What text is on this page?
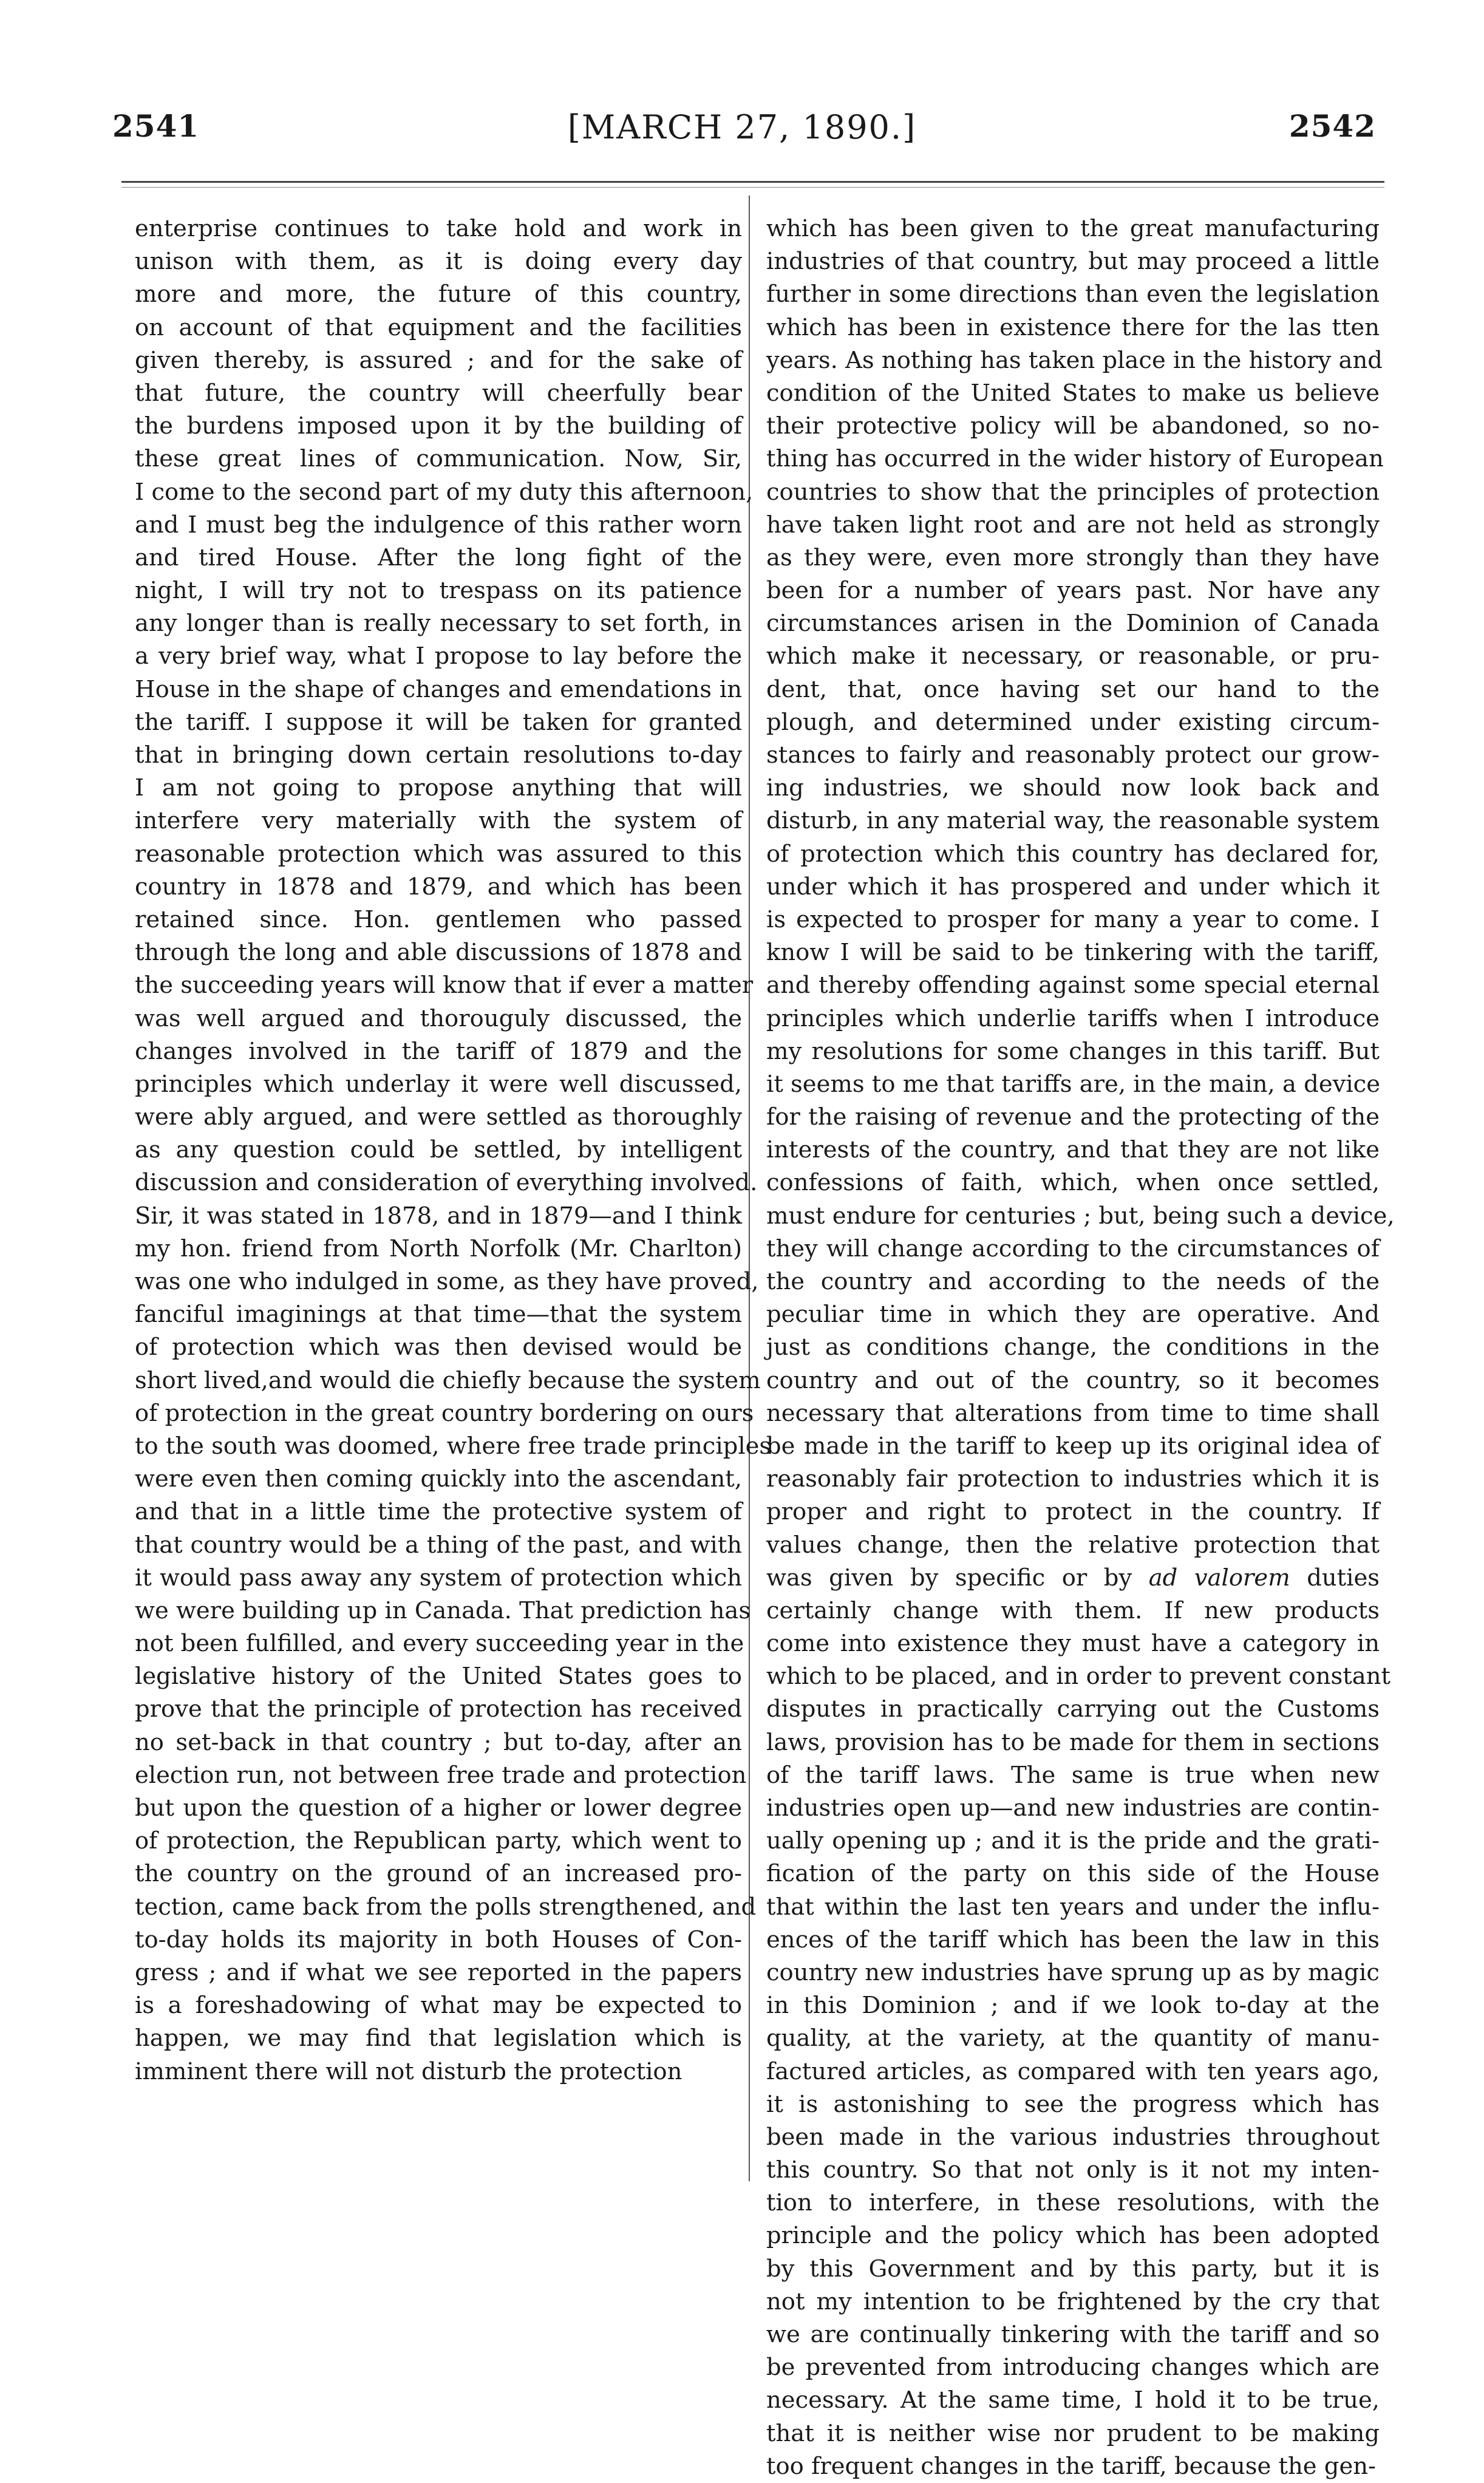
2541	[MARCH 27, 1890.]	2542
enterprise continues to take hold and work in
unison with them, as it is doing every day
more and more, the future of this country,
on account of that equipment and the facilities
given thereby, is assured ; and for the sake of
that future, the country will cheerfully bear
the burdens imposed upon it by the building of
these great lines of communication. Now, Sir,
I come to the second part of my duty this afternoon,
and I must beg the indulgence of this rather worn
and tired House. After the long fight of the
night, I will try not to trespass on its patience
any longer than is really necessary to set forth, in
a very brief way, what I propose to lay before the
House in the shape of changes and emendations in
the tariff. I suppose it will be taken for granted
that in bringing down certain resolutions to-day
I am not going to propose anything that will
interfere very materially with the system of
reasonable protection which was assured to this
country in 1878 and 1879, and which has been
retained since. Hon. gentlemen who passed
through the long and able discussions of 1878 and
the succeeding years will know that if ever a matter
was well argued and thorouguly discussed, the
changes involved in the tariff of 1879 and the
principles which underlay it were well discussed,
were ably argued, and were settled as thoroughly
as any question could be settled, by intelligent
discussion and consideration of everything involved.
Sir, it was stated in 1878, and in 1879—and I think
my hon. friend from North Norfolk (Mr. Charlton)
was one who indulged in some, as they have proved,
fanciful imaginings at that time—that the system
of protection which was then devised would be
short lived,and would die chiefly because the system
of protection in the great country bordering on ours
to the south was doomed, where free trade principles
were even then coming quickly into the ascendant,
and that in a little time the protective system of
that country would be a thing of the past, and with
it would pass away any system of protection which
we were building up in Canada. That prediction has
not been fulfilled, and every succeeding year in the
legislative history of the United States goes to
prove that the principle of protection has received
no set-back in that country ; but to-day, after an
election run, not between free trade and protection
but upon the question of a higher or lower degree
of protection, the Republican party, which went to
the country on the ground of an increased pro-
tection, came back from the polls strengthened, and
to-day holds its majority in both Houses of Con-
gress ; and if what we see reported in the papers
is a foreshadowing of what may be expected to
happen, we may find that legislation which is
imminent there will not disturb the protection
which has been given to the great manufacturing
industries of that country, but may proceed a little
further in some directions than even the legislation
which has been in existence there for the las tten
years. As nothing has taken place in the history and
condition of the United States to make us believe
their protective policy will be abandoned, so no-
thing has occurred in the wider history of European
countries to show that the principles of protection
have taken light root and are not held as strongly
as they were, even more strongly than they have
been for a number of years past. Nor have any
circumstances arisen in the Dominion of Canada
which make it necessary, or reasonable, or pru-
dent, that, once having set our hand to the
plough, and determined under existing circum-
stances to fairly and reasonably protect our grow-
ing industries, we should now look back and
disturb, in any material way, the reasonable system
of protection which this country has declared for,
under which it has prospered and under which it
is expected to prosper for many a year to come. I
know I will be said to be tinkering with the tariff,
and thereby offending against some special eternal
principles which underlie tariffs when I introduce
my resolutions for some changes in this tariff. But
it seems to me that tariffs are, in the main, a device
for the raising of revenue and the protecting of the
interests of the country, and that they are not like
confessions of faith, which, when once settled,
must endure for centuries ; but, being such a device,
they will change according to the circumstances of
the country and according to the needs of the
peculiar time in which they are operative. And
just as conditions change, the conditions in the
country and out of the country, so it becomes
necessary that alterations from time to time shall
be made in the tariff to keep up its original idea of
reasonably fair protection to industries which it is
proper and right to protect in the country. If
values change, then the relative protection that
was given by specific or by ad valorem duties
certainly change with them. If new products
come into existence they must have a category in
which to be placed, and in order to prevent constant
disputes in practically carrying out the Customs
laws, provision has to be made for them in sections
of the tariff laws. The same is true when new
industries open up—and new industries are contin-
ually opening up ; and it is the pride and the grati-
fication of the party on this side of the House
that within the last ten years and under the influ-
ences of the tariff which has been the law in this
country new industries have sprung up as by magic
in this Dominion ; and if we look to-day at the
quality, at the variety, at the quantity of manu-
factured articles, as compared with ten years ago,
it is astonishing to see the progress which has
been made in the various industries throughout
this country. So that not only is it not my inten-
tion to interfere, in these resolutions, with the
principle and the policy which has been adopted
by this Government and by this party, but it is
not my intention to be frightened by the cry that
we are continually tinkering with the tariff and so
be prevented from introducing changes which are
necessary. At the same time, I hold it to be true,
that it is neither wise nor prudent to be making
too frequent changes in the tariff, because the gen-
